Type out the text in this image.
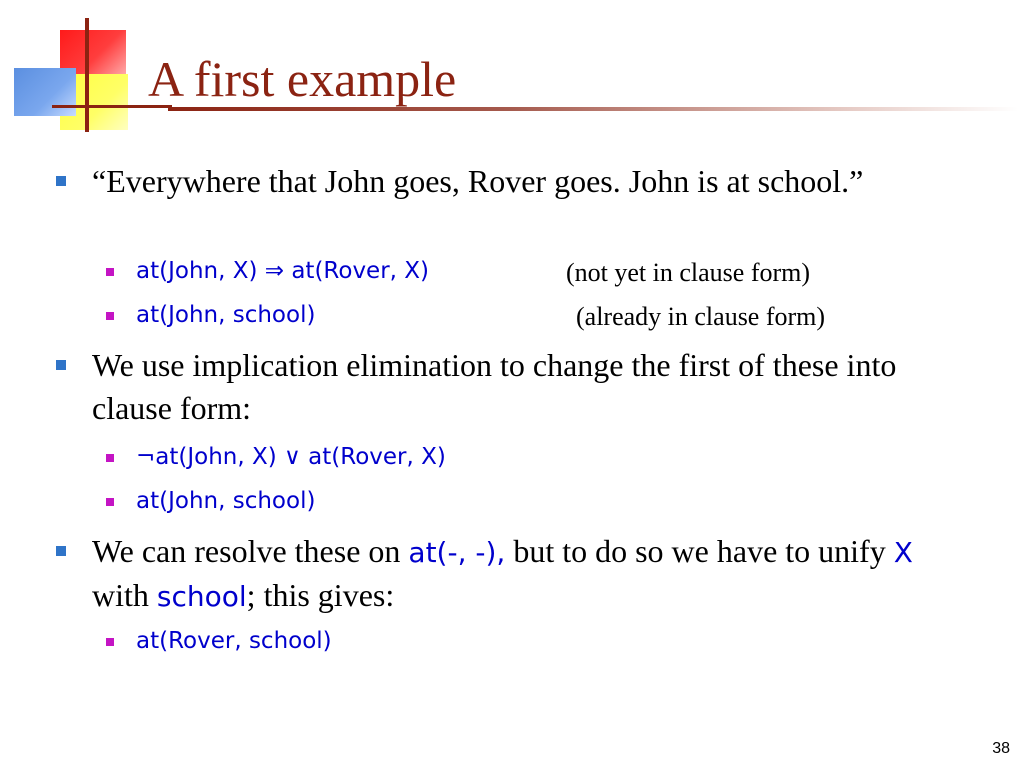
A first example
“Everywhere that John goes, Rover goes. John is at school.”
at(John, X) ⇒ at(Rover, X)	(not yet in clause form)
at(John, school)	(already in clause form)
We use implication elimination to change the first of these into clause form:
¬at(John, X) ∨ at(Rover, X)
at(John, school)
We can resolve these on at(-, -), but to do so we have to unify X with school; this gives:
at(Rover, school)
38
